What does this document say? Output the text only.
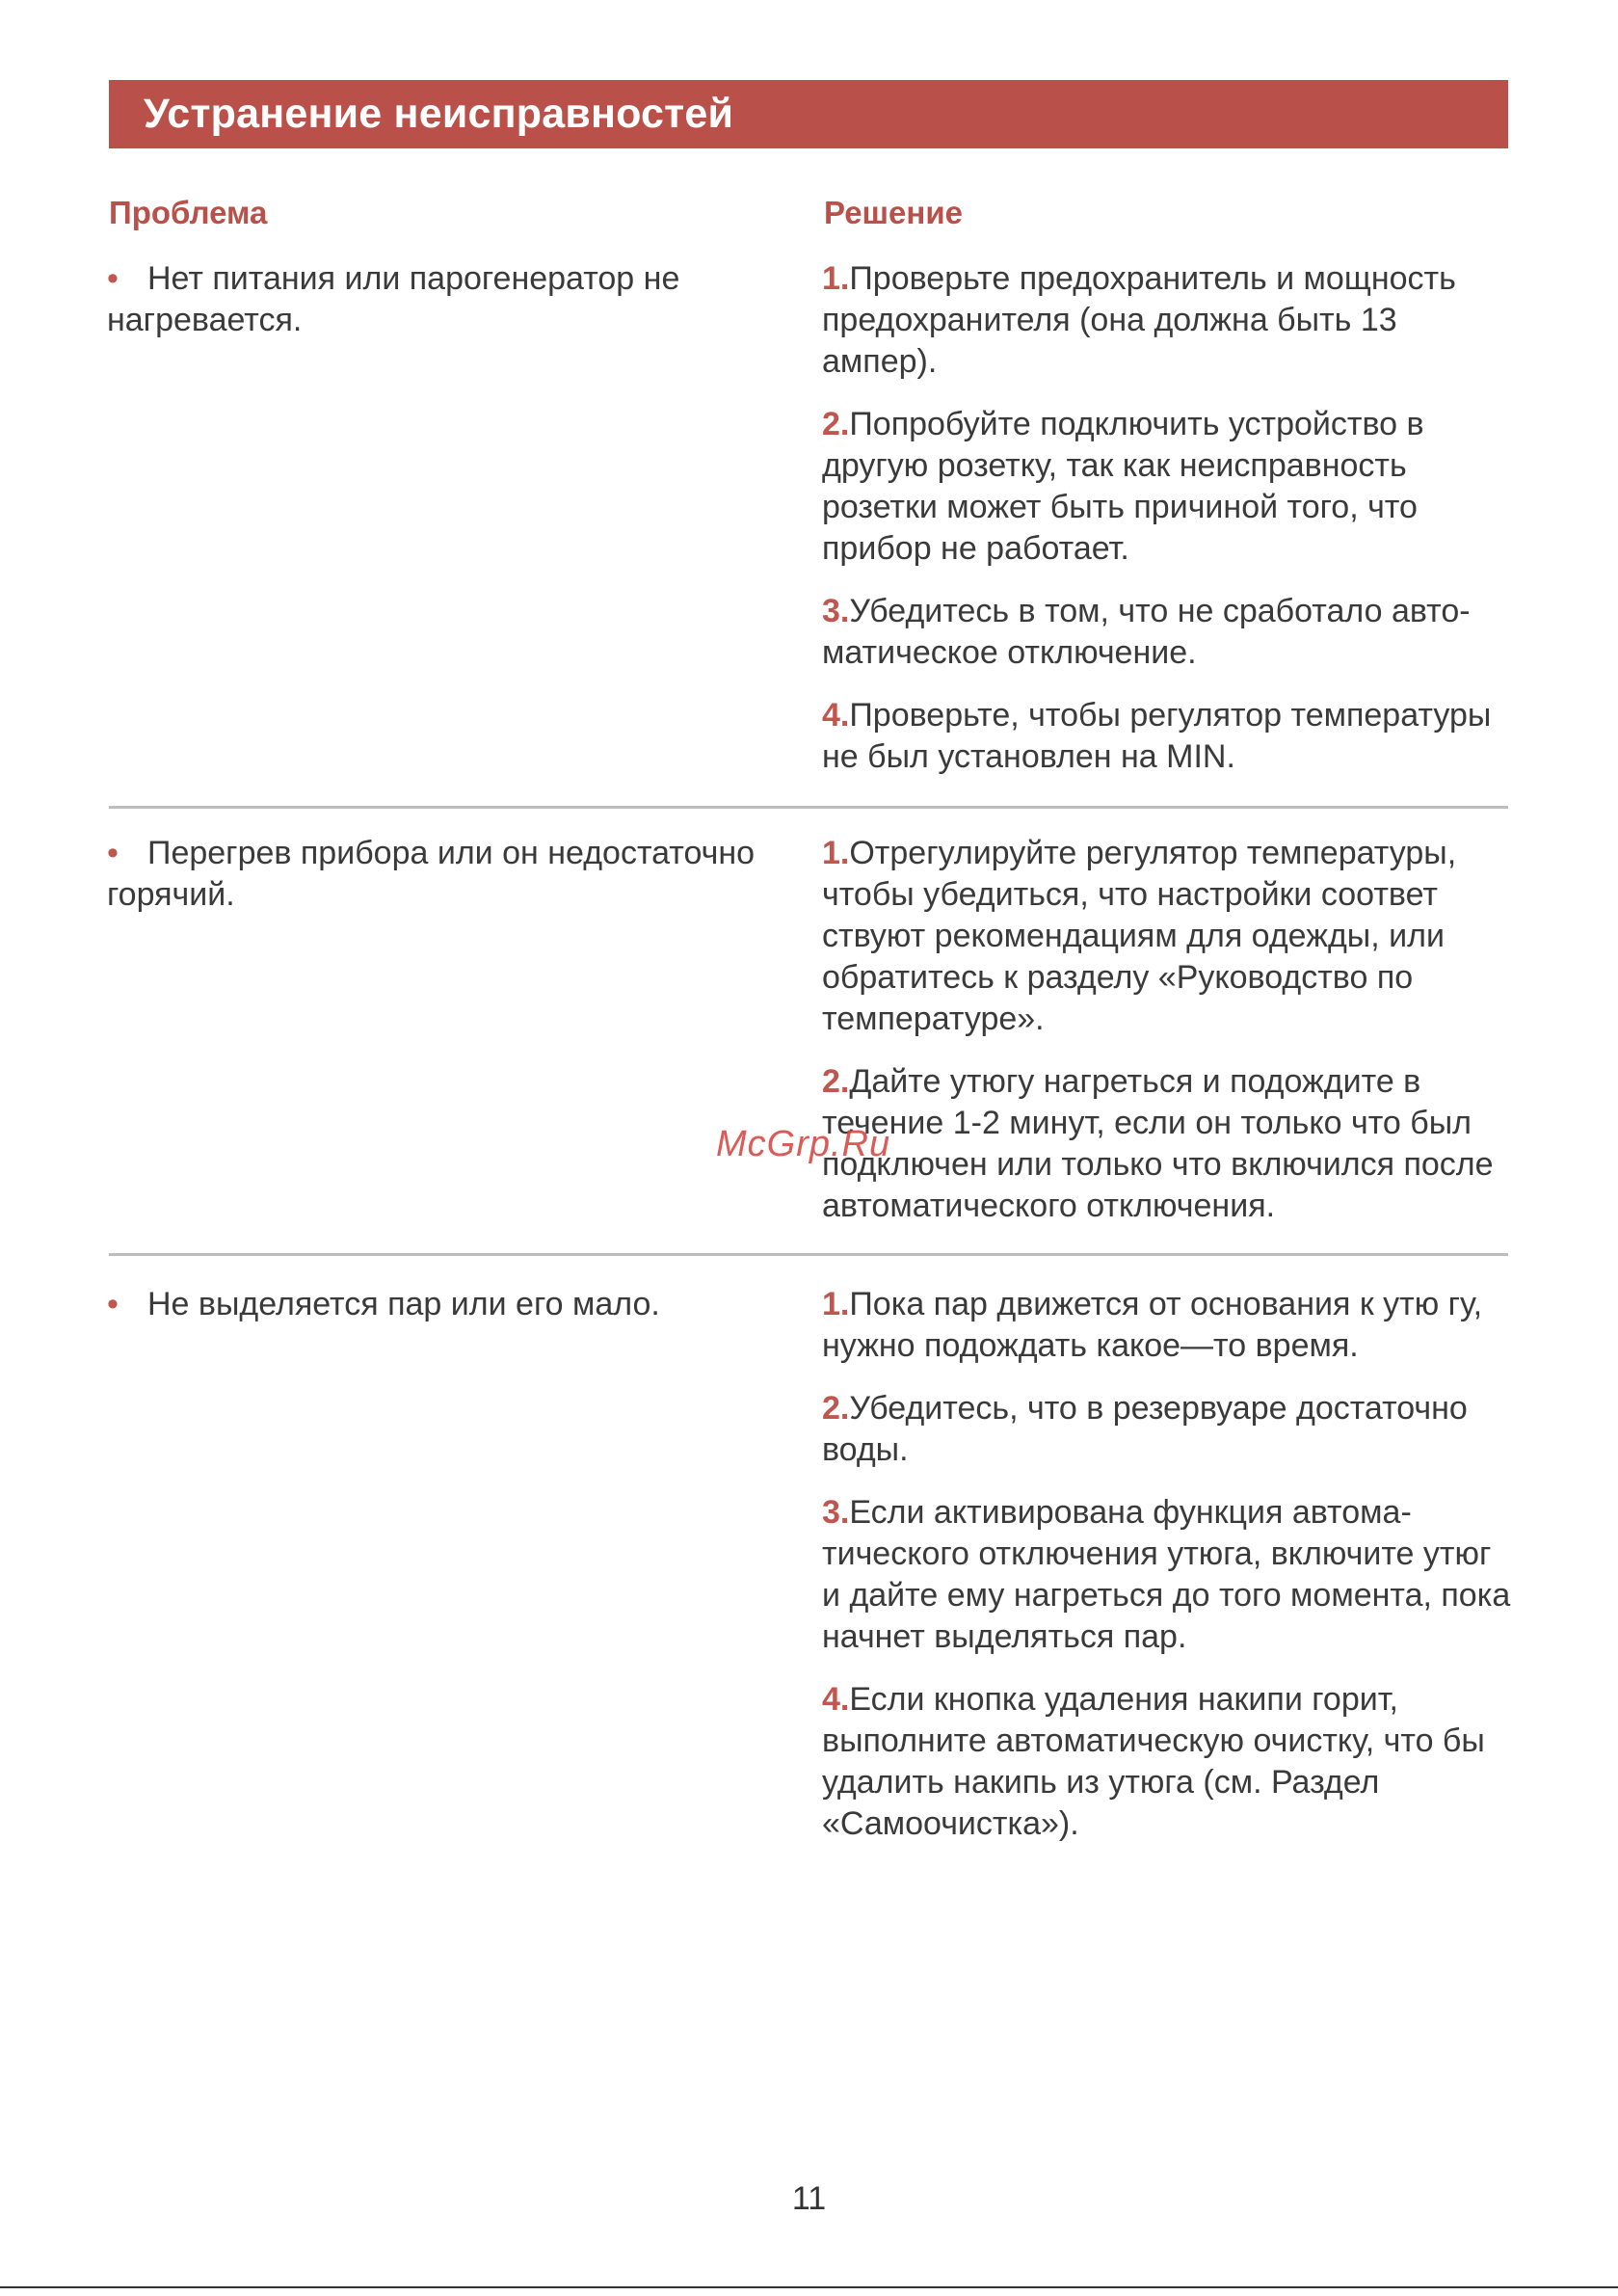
Устранение неисправностей
Проблема	Решение
• Нет питания или парогенератор не нагревается.
1.Проверьте предохранитель и мощность предохранителя (она должна быть 13 ампер).
2.Попробуйте подключить устройство в другую розетку, так как неисправность розетки может быть причиной того, что прибор не работает.
3.Убедитесь в том, что не сработало автоматическое отключение.
4.Проверьте, чтобы регулятор температуры не был установлен на MIN.
• Перегрев прибора или он недостаточно горячий.
1.Отрегулируйте регулятор температуры, чтобы убедиться, что настройки соответ ствуют рекомендациям для одежды, или обратитесь к разделу «Руководство по температуре».
2.Дайте утюгу нагреться и подождите в течение 1-2 минут, если он только что был подключен или только что включился после автоматического отключения.
• Не выделяется пар или его мало.	1.Пока пар движется от основания к утю гу, нужно подождать какое—то время.
2.Убедитесь, что в резервуаре достаточно воды.
3.Если активирована функция автоматического отключения утюга, включите утюг и дайте ему нагреться до того момента, пока начнет выделяться пар.
4.Если кнопка удаления накипи горит, выполните автоматическую очистку, что бы удалить накипь из утюга (см. Раздел «Самоочистка»).
McGrp.Ru
11
